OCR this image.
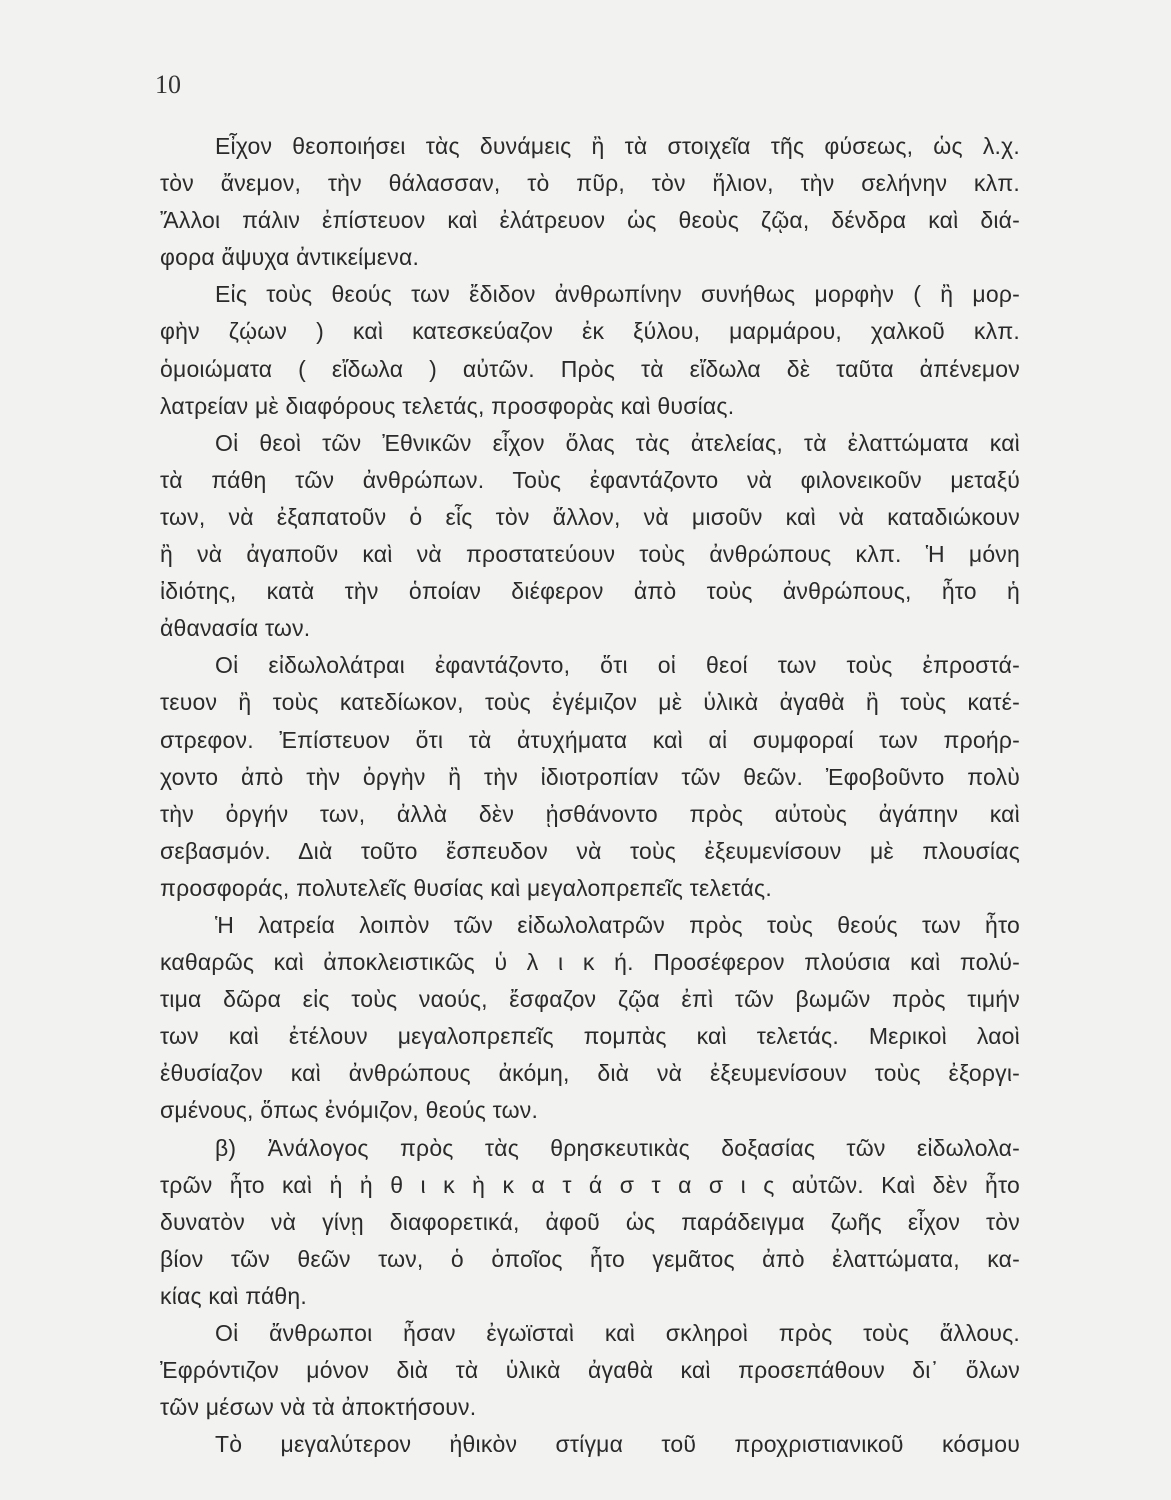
10
Εἶχον θεοποιήσει τὰς δυνάμεις ἢ τὰ στοιχεῖα τῆς φύσεως, ὡς λ.χ.
τὸν ἄνεμον, τὴν θάλασσαν, τὸ πῦρ, τὸν ἥλιον, τὴν σελήνην κλπ.
Ἄλλοι πάλιν ἐπίστευον καὶ ἐλάτρευον ὡς θεοὺς ζῷα, δένδρα καὶ διά-
φορα ἄψυχα ἀντικείμενα.
Εἰς τοὺς θεούς των ἔδιδον ἀνθρωπίνην συνήθως μορφὴν ( ἢ μορ-
φὴν ζῴων ) καὶ κατεσκεύαζον ἐκ ξύλου, μαρμάρου, χαλκοῦ κλπ.
ὁμοιώματα ( εἴδωλα ) αὐτῶν. Πρὸς τὰ εἴδωλα δὲ ταῦτα ἀπένεμον
λατρείαν μὲ διαφόρους τελετάς, προσφορὰς καὶ θυσίας.
Οἱ θεοὶ τῶν Ἐθνικῶν εἶχον ὅλας τὰς ἀτελείας, τὰ ἐλαττώματα καὶ
τὰ πάθη τῶν ἀνθρώπων. Τοὺς ἐφαντάζοντο νὰ φιλονεικοῦν μεταξύ
των, νὰ ἐξαπατοῦν ὁ εἷς τὸν ἄλλον, νὰ μισοῦν καὶ νὰ καταδιώκουν
ἢ νὰ ἀγαποῦν καὶ νὰ προστατεύουν τοὺς ἀνθρώπους κλπ. Ἡ μόνη
ἰδιότης, κατὰ τὴν ὁποίαν διέφερον ἀπὸ τοὺς ἀνθρώπους, ἦτο ἡ
ἀθανασία των.
Οἱ εἰδωλολάτραι ἐφαντάζοντο, ὅτι οἱ θεοί των τοὺς ἐπροστά-
τευον ἢ τοὺς κατεδίωκον, τοὺς ἐγέμιζον μὲ ὑλικὰ ἀγαθὰ ἢ τοὺς κατέ-
στρεφον. Ἐπίστευον ὅτι τὰ ἀτυχήματα καὶ αἱ συμφοραί των προήρ-
χοντο ἀπὸ τὴν ὀργὴν ἢ τὴν ἰδιοτροπίαν τῶν θεῶν. Ἐφοβοῦντο πολὺ
τὴν ὀργήν των, ἀλλὰ δὲν ᾐσθάνοντο πρὸς αὐτοὺς ἀγάπην καὶ
σεβασμόν. Διὰ τοῦτο ἔσπευδον νὰ τοὺς ἐξευμενίσουν μὲ πλουσίας
προσφοράς, πολυτελεῖς θυσίας καὶ μεγαλοπρεπεῖς τελετάς.
Ἡ λατρεία λοιπὸν τῶν εἰδωλολατρῶν πρὸς τοὺς θεούς των ἦτο
καθαρῶς καὶ ἀποκλειστικῶς ὑ λ ι κ ή. Προσέφερον πλούσια καὶ πολύ-
τιμα δῶρα εἰς τοὺς ναούς, ἔσφαζον ζῷα ἐπὶ τῶν βωμῶν πρὸς τιμήν
των καὶ ἐτέλουν μεγαλοπρεπεῖς πομπὰς καὶ τελετάς. Μερικοὶ λαοὶ
ἐθυσίαζον καὶ ἀνθρώπους ἀκόμη, διὰ νὰ ἐξευμενίσουν τοὺς ἐξοργι-
σμένους, ὅπως ἐνόμιζον, θεούς των.
β) Ἀνάλογος πρὸς τὰς θρησκευτικὰς δοξασίας τῶν εἰδωλολα-
τρῶν ἦτο καὶ ἡ ἠ θ ι κ ὴ κ α τ ά σ τ α σ ι ς αὐτῶν. Καὶ δὲν ἦτο
δυνατὸν νὰ γίνῃ διαφορετικά, ἀφοῦ ὡς παράδειγμα ζωῆς εἶχον τὸν
βίον τῶν θεῶν των, ὁ ὁποῖος ἦτο γεμᾶτος ἀπὸ ἐλαττώματα, κα-
κίας καὶ πάθη.
Οἱ ἄνθρωποι ἦσαν ἐγωϊσταὶ καὶ σκληροὶ πρὸς τοὺς ἄλλους.
Ἐφρόντιζον μόνον διὰ τὰ ὑλικὰ ἀγαθὰ καὶ προσεπάθουν δι᾽ ὅλων
τῶν μέσων νὰ τὰ ἀποκτήσουν.
Τὸ μεγαλύτερον ἠθικὸν στίγμα τοῦ προχριστιανικοῦ κόσμου
